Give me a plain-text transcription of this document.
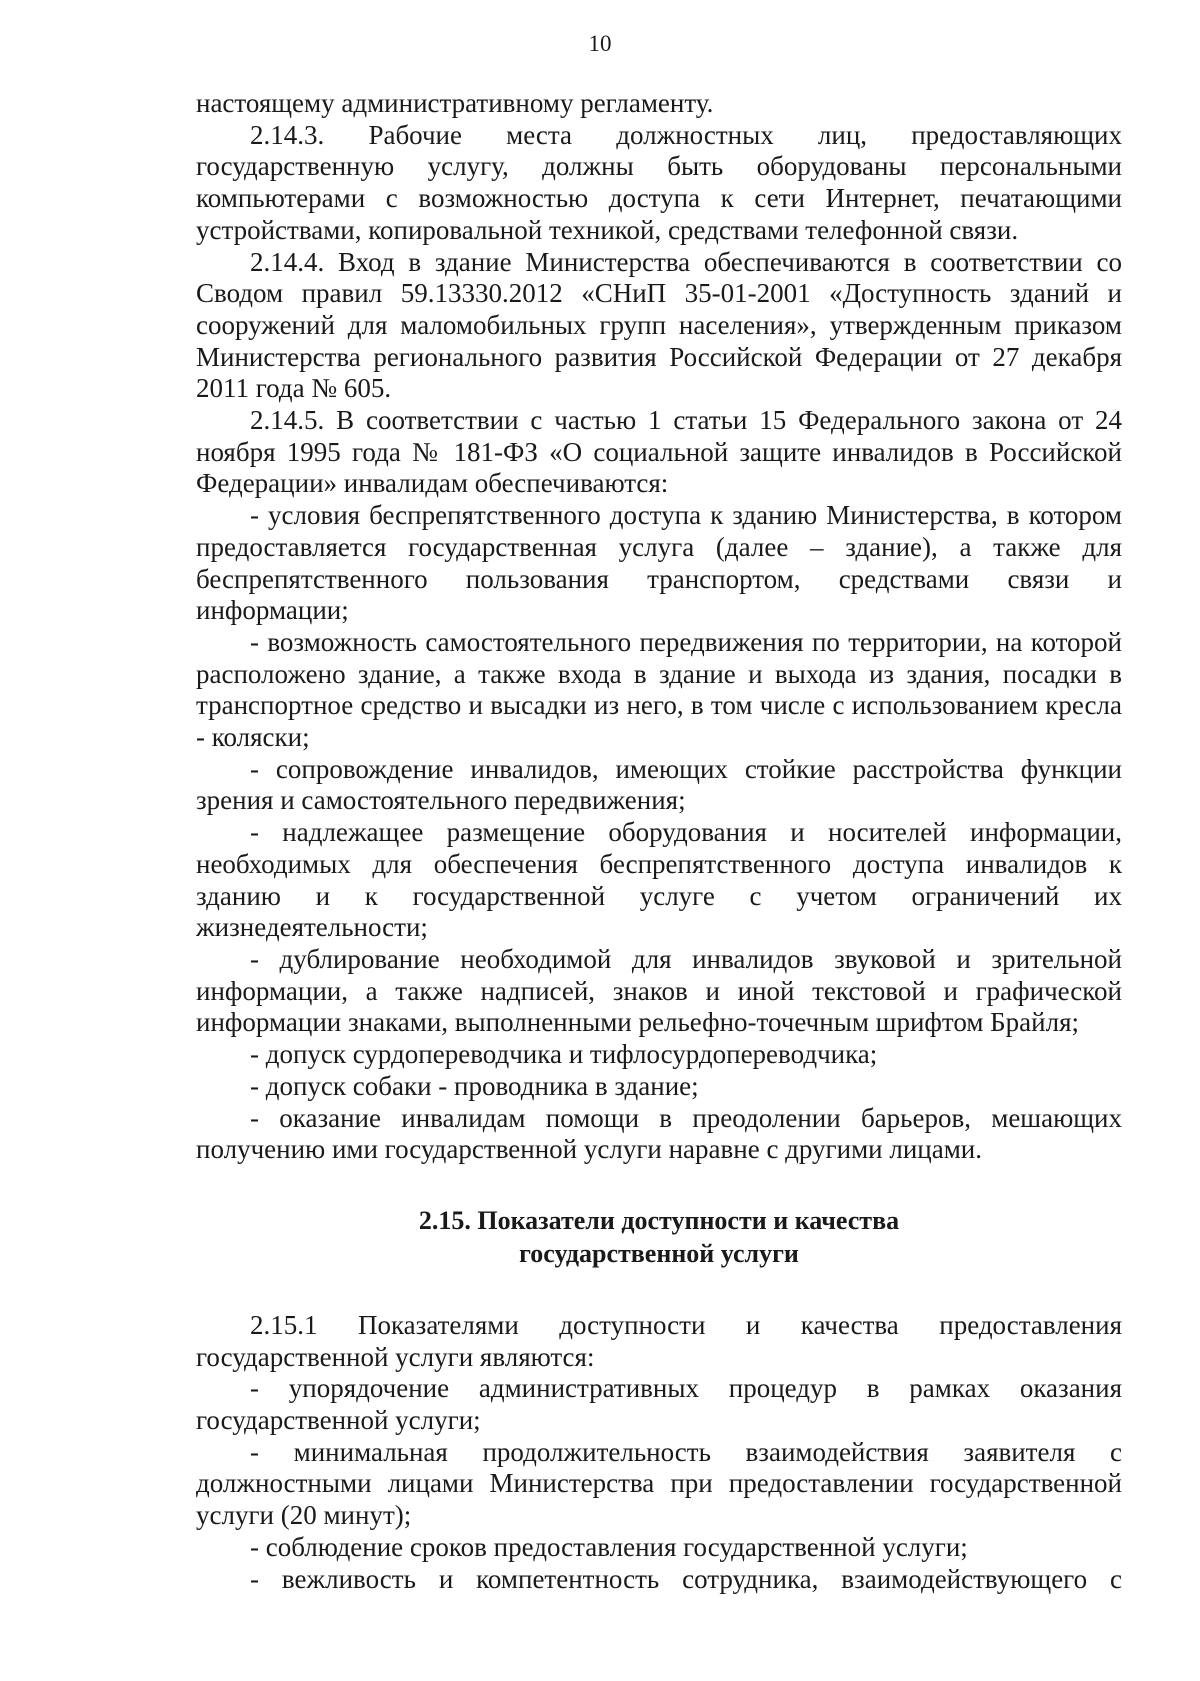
10

настоящему административному регламенту.

2.14.3. Рабочие места должностных лиц, предоставляющих государственную услугу, должны быть оборудованы персональными компьютерами с возможностью доступа к сети Интернет, печатающими устройствами, копировальной техникой, средствами телефонной связи.

2.14.4. Вход в здание Министерства обеспечиваются в соответствии со Сводом правил 59.13330.2012 «СНиП 35-01-2001 «Доступность зданий и сооружений для маломобильных групп населения», утвержденным приказом Министерства регионального развития Российской Федерации от 27 декабря 2011 года № 605.

2.14.5. В соответствии с частью 1 статьи 15 Федерального закона от 24 ноября 1995 года № 181-ФЗ «О социальной защите инвалидов в Российской Федерации» инвалидам обеспечиваются:

- условия беспрепятственного доступа к зданию Министерства, в котором предоставляется государственная услуга (далее – здание), а также для беспрепятственного пользования транспортом, средствами связи и информации;

- возможность самостоятельного передвижения по территории, на которой расположено здание, а также входа в здание и выхода из здания, посадки в транспортное средство и высадки из него, в том числе с использованием кресла - коляски;

- сопровождение инвалидов, имеющих стойкие расстройства функции зрения и самостоятельного передвижения;

- надлежащее размещение оборудования и носителей информации, необходимых для обеспечения беспрепятственного доступа инвалидов к зданию и к государственной услуге с учетом ограничений их жизнедеятельности;

- дублирование необходимой для инвалидов звуковой и зрительной информации, а также надписей, знаков и иной текстовой и графической информации знаками, выполненными рельефно-точечным шрифтом Брайля;

- допуск сурдопереводчика и тифлосурдопереводчика;

- допуск собаки - проводника в здание;

- оказание инвалидам помощи в преодолении барьеров, мешающих получению ими государственной услуги наравне с другими лицами.

2.15. Показатели доступности и качества

государственной услуги

2.15.1 Показателями доступности и качества предоставления государственной услуги являются:

- упорядочение административных процедур в рамках оказания государственной услуги;

- минимальная продолжительность взаимодействия заявителя с должностными лицами Министерства при предоставлении государственной услуги (20 минут);

- соблюдение сроков предоставления государственной услуги;

- вежливость и компетентность сотрудника, взаимодействующего с
